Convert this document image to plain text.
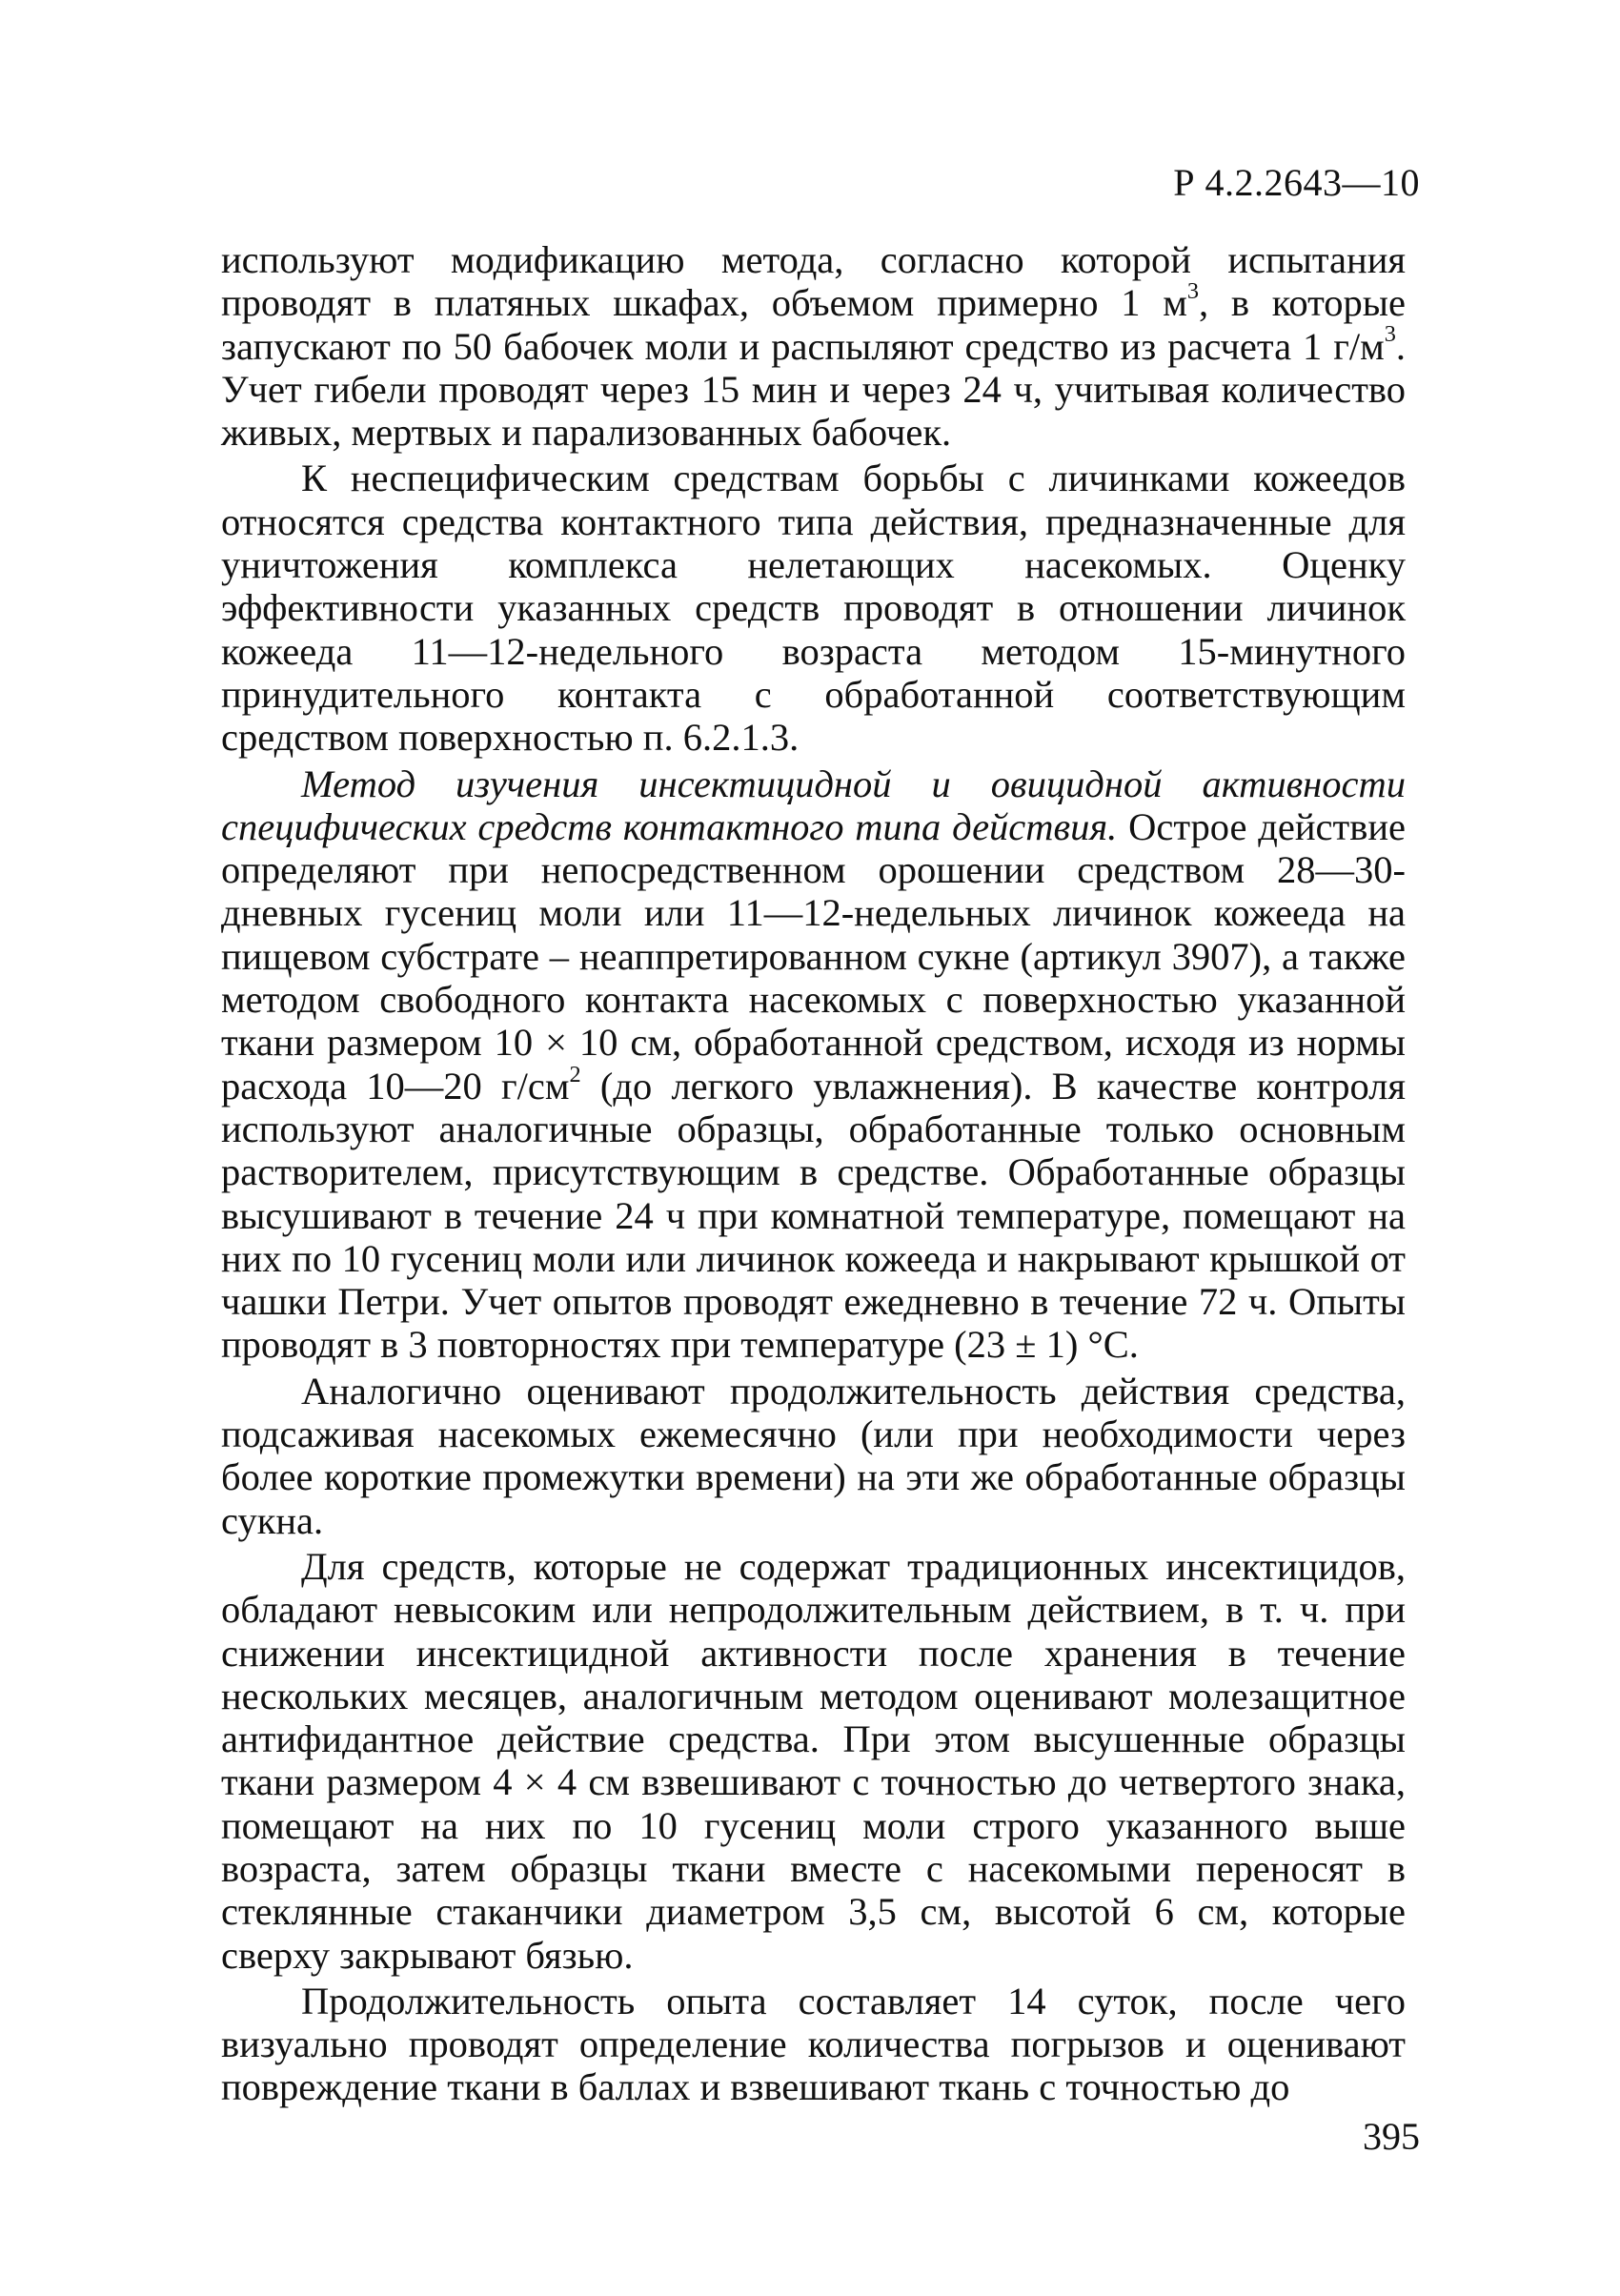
Р 4.2.2643—10

используют модификацию метода, согласно которой испытания проводят в платяных шкафах, объемом примерно 1 $м^3$, в которые запускают по 50 бабочек моли и распыляют средство из расчета 1 $г/м^3$. Учет гибели проводят через 15 мин и через 24 ч, учитывая количество живых, мертвых и парализованных бабочек.

К неспецифическим средствам борьбы с личинками кожеедов относятся средства контактного типа действия, предназначенные для уничтожения комплекса нелетающих насекомых. Оценку эффективности указанных средств проводят в отношении личинок кожееда 11—12-недельного возраста методом 15-минутного принудительного контакта с обработанной соответствующим средством поверхностью п. 6.2.1.3.

Метод изучения инсектицидной и овицидной активности специфических средств контактного типа действия. Острое действие определяют при непосредственном орошении средством 28—30-дневных гусениц моли или 11—12-недельных личинок кожееда на пищевом субстрате – неаппретированном сукне (артикул 3907), а также методом свободного контакта насекомых с поверхностью указанной ткани размером 10 × 10 см, обработанной средством, исходя из нормы расхода 10—20 $г/см^2$ (до легкого увлажнения). В качестве контроля используют аналогичные образцы, обработанные только основным растворителем, присутствующим в средстве. Обработанные образцы высушивают в течение 24 ч при комнатной температуре, помещают на них по 10 гусениц моли или личинок кожееда и накрывают крышкой от чашки Петри. Учет опытов проводят ежедневно в течение 72 ч. Опыты проводят в 3 повторностях при температуре (23 ± 1) °С.

Аналогично оценивают продолжительность действия средства, подсаживая насекомых ежемесячно (или при необходимости через более короткие промежутки времени) на эти же обработанные образцы сукна.

Для средств, которые не содержат традиционных инсектицидов, обладают невысоким или непродолжительным действием, в т. ч. при снижении инсектицидной активности после хранения в течение нескольких месяцев, аналогичным методом оценивают молезащитное антифидантное действие средства. При этом высушенные образцы ткани размером 4 × 4 см взвешивают с точностью до четвертого знака, помещают на них по 10 гусениц моли строго указанного выше возраста, затем образцы ткани вместе с насекомыми переносят в стеклянные стаканчики диаметром 3,5 см, высотой 6 см, которые сверху закрывают бязью.

Продолжительность опыта составляет 14 суток, после чего визуально проводят определение количества погрызов и оценивают повреждение ткани в баллах и взвешивают ткань с точностью до

395
